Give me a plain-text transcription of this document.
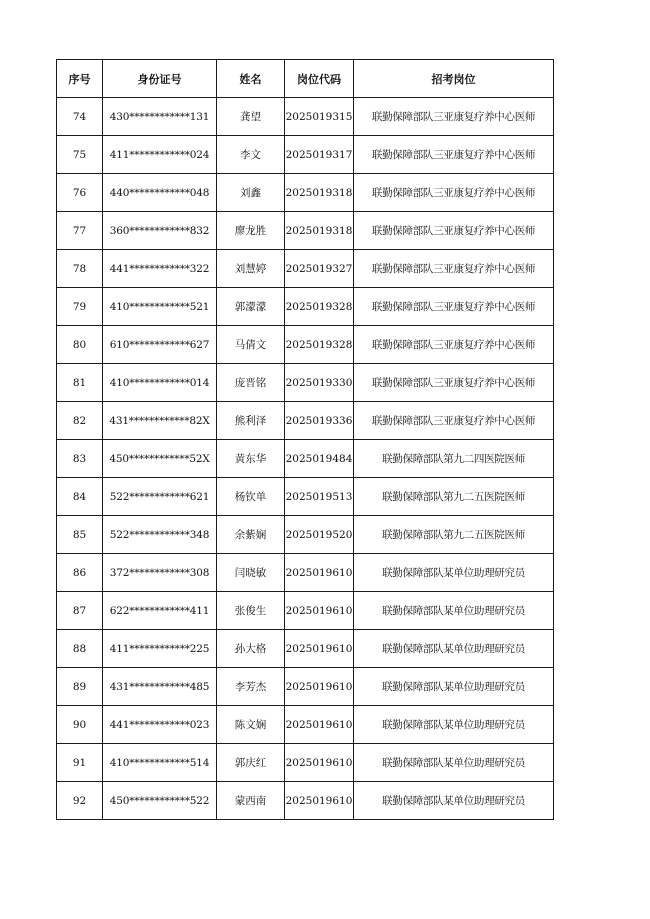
序号	身份证号	姓名	岗位代码	招考岗位
74	430************131	龚望	2025019315	联勤保障部队三亚康复疗养中心医师
75	411************024	李文	2025019317	联勤保障部队三亚康复疗养中心医师
76	440************048	刘鑫	2025019318	联勤保障部队三亚康复疗养中心医师
77	360************832	廖龙胜	2025019318	联勤保障部队三亚康复疗养中心医师
78	441************322	刘慧婷	2025019327	联勤保障部队三亚康复疗养中心医师
79	410************521	郭濛濛	2025019328	联勤保障部队三亚康复疗养中心医师
80	610************627	马倩文	2025019328	联勤保障部队三亚康复疗养中心医师
81	410************014	庞晋铭	2025019330	联勤保障部队三亚康复疗养中心医师
82	431************82X	熊利泽	2025019336	联勤保障部队三亚康复疗养中心医师
83	450************52X	黄东华	2025019484	联勤保障部队第九二四医院医师
84	522************621	杨钦单	2025019513	联勤保障部队第九二五医院医师
85	522************348	余紫娴	2025019520	联勤保障部队第九二五医院医师
86	372************308	闫晓敏	2025019610	联勤保障部队某单位助理研究员
87	622************411	张俊生	2025019610	联勤保障部队某单位助理研究员
88	411************225	孙大格	2025019610	联勤保障部队某单位助理研究员
89	431************485	李芳杰	2025019610	联勤保障部队某单位助理研究员
90	441************023	陈文娴	2025019610	联勤保障部队某单位助理研究员
91	410************514	郭庆红	2025019610	联勤保障部队某单位助理研究员
92	450************522	蒙西南	2025019610	联勤保障部队某单位助理研究员
